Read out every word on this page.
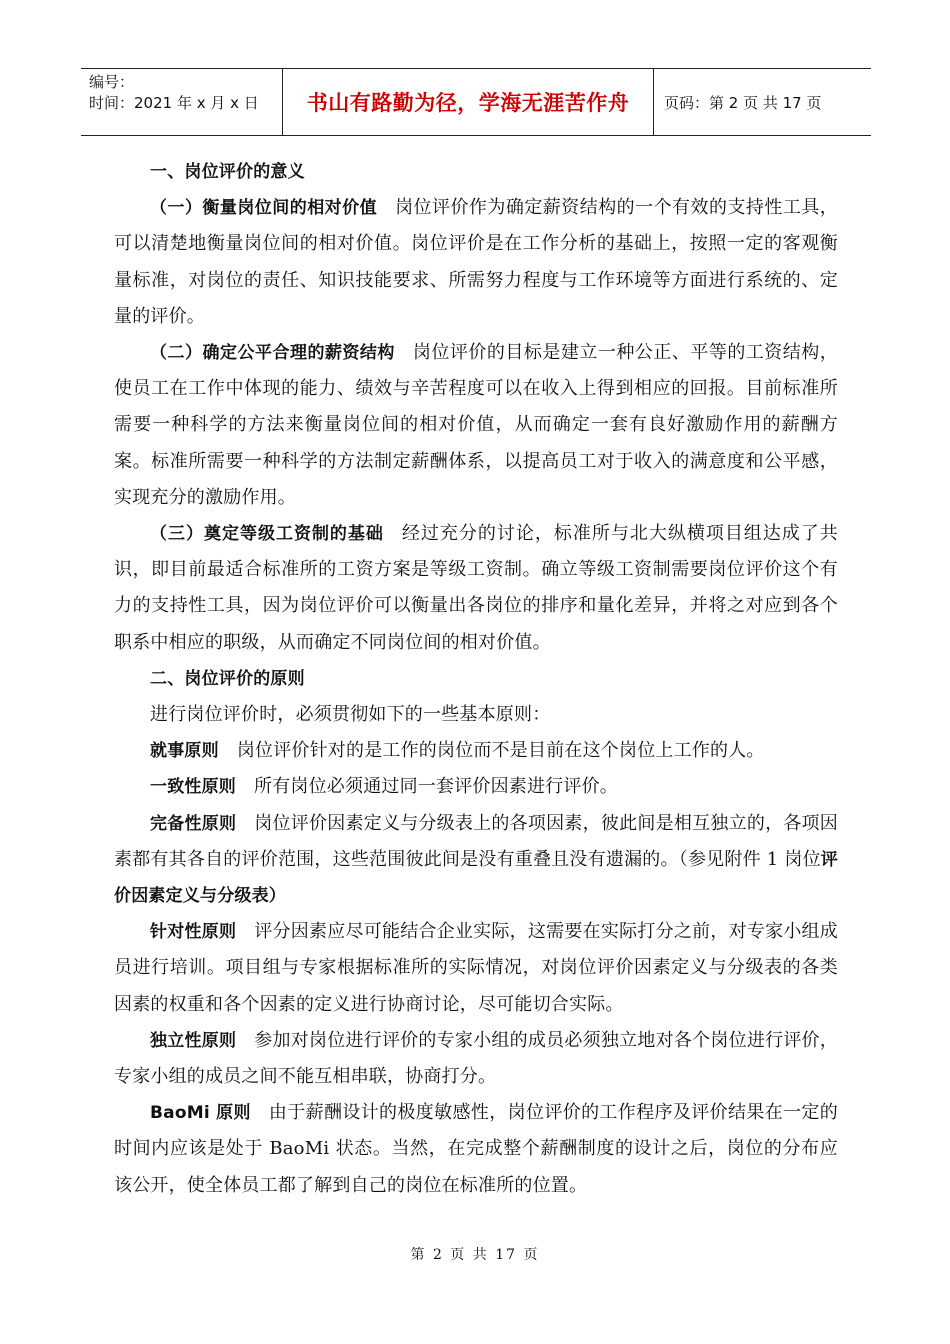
编号：
时间：2021 年 x 月 x 日	书山有路勤为径，学海无涯苦作舟	页码：第 2 页 共 17 页

一、岗位评价的意义

（一）衡量岗位间的相对价值 岗位评价作为确定薪资结构的一个有效的支持性工具，可以清楚地衡量岗位间的相对价值。岗位评价是在工作分析的基础上，按照一定的客观衡量标准，对岗位的责任、知识技能要求、所需努力程度与工作环境等方面进行系统的、定量的评价。

（二）确定公平合理的薪资结构 岗位评价的目标是建立一种公正、平等的工资结构，使员工在工作中体现的能力、绩效与辛苦程度可以在收入上得到相应的回报。目前标准所需要一种科学的方法来衡量岗位间的相对价值，从而确定一套有良好激励作用的薪酬方案。标准所需要一种科学的方法制定薪酬体系，以提高员工对于收入的满意度和公平感，实现充分的激励作用。

（三）奠定等级工资制的基础 经过充分的讨论，标准所与北大纵横项目组达成了共识，即目前最适合标准所的工资方案是等级工资制。确立等级工资制需要岗位评价这个有力的支持性工具，因为岗位评价可以衡量出各岗位的排序和量化差异，并将之对应到各个职系中相应的职级，从而确定不同岗位间的相对价值。

二、岗位评价的原则

进行岗位评价时，必须贯彻如下的一些基本原则：

就事原则 岗位评价针对的是工作的岗位而不是目前在这个岗位上工作的人。

一致性原则 所有岗位必须通过同一套评价因素进行评价。

完备性原则 岗位评价因素定义与分级表上的各项因素，彼此间是相互独立的，各项因素都有其各自的评价范围，这些范围彼此间是没有重叠且没有遗漏的。（参见附件 1 岗位评价因素定义与分级表）

针对性原则 评分因素应尽可能结合企业实际，这需要在实际打分之前，对专家小组成员进行培训。项目组与专家根据标准所的实际情况，对岗位评价因素定义与分级表的各类因素的权重和各个因素的定义进行协商讨论，尽可能切合实际。

独立性原则 参加对岗位进行评价的专家小组的成员必须独立地对各个岗位进行评价，专家小组的成员之间不能互相串联，协商打分。

BaoMi 原则 由于薪酬设计的极度敏感性，岗位评价的工作程序及评价结果在一定的时间内应该是处于 BaoMi 状态。当然，在完成整个薪酬制度的设计之后，岗位的分布应该公开，使全体员工都了解到自己的岗位在标准所的位置。

第 2 页 共 17 页
